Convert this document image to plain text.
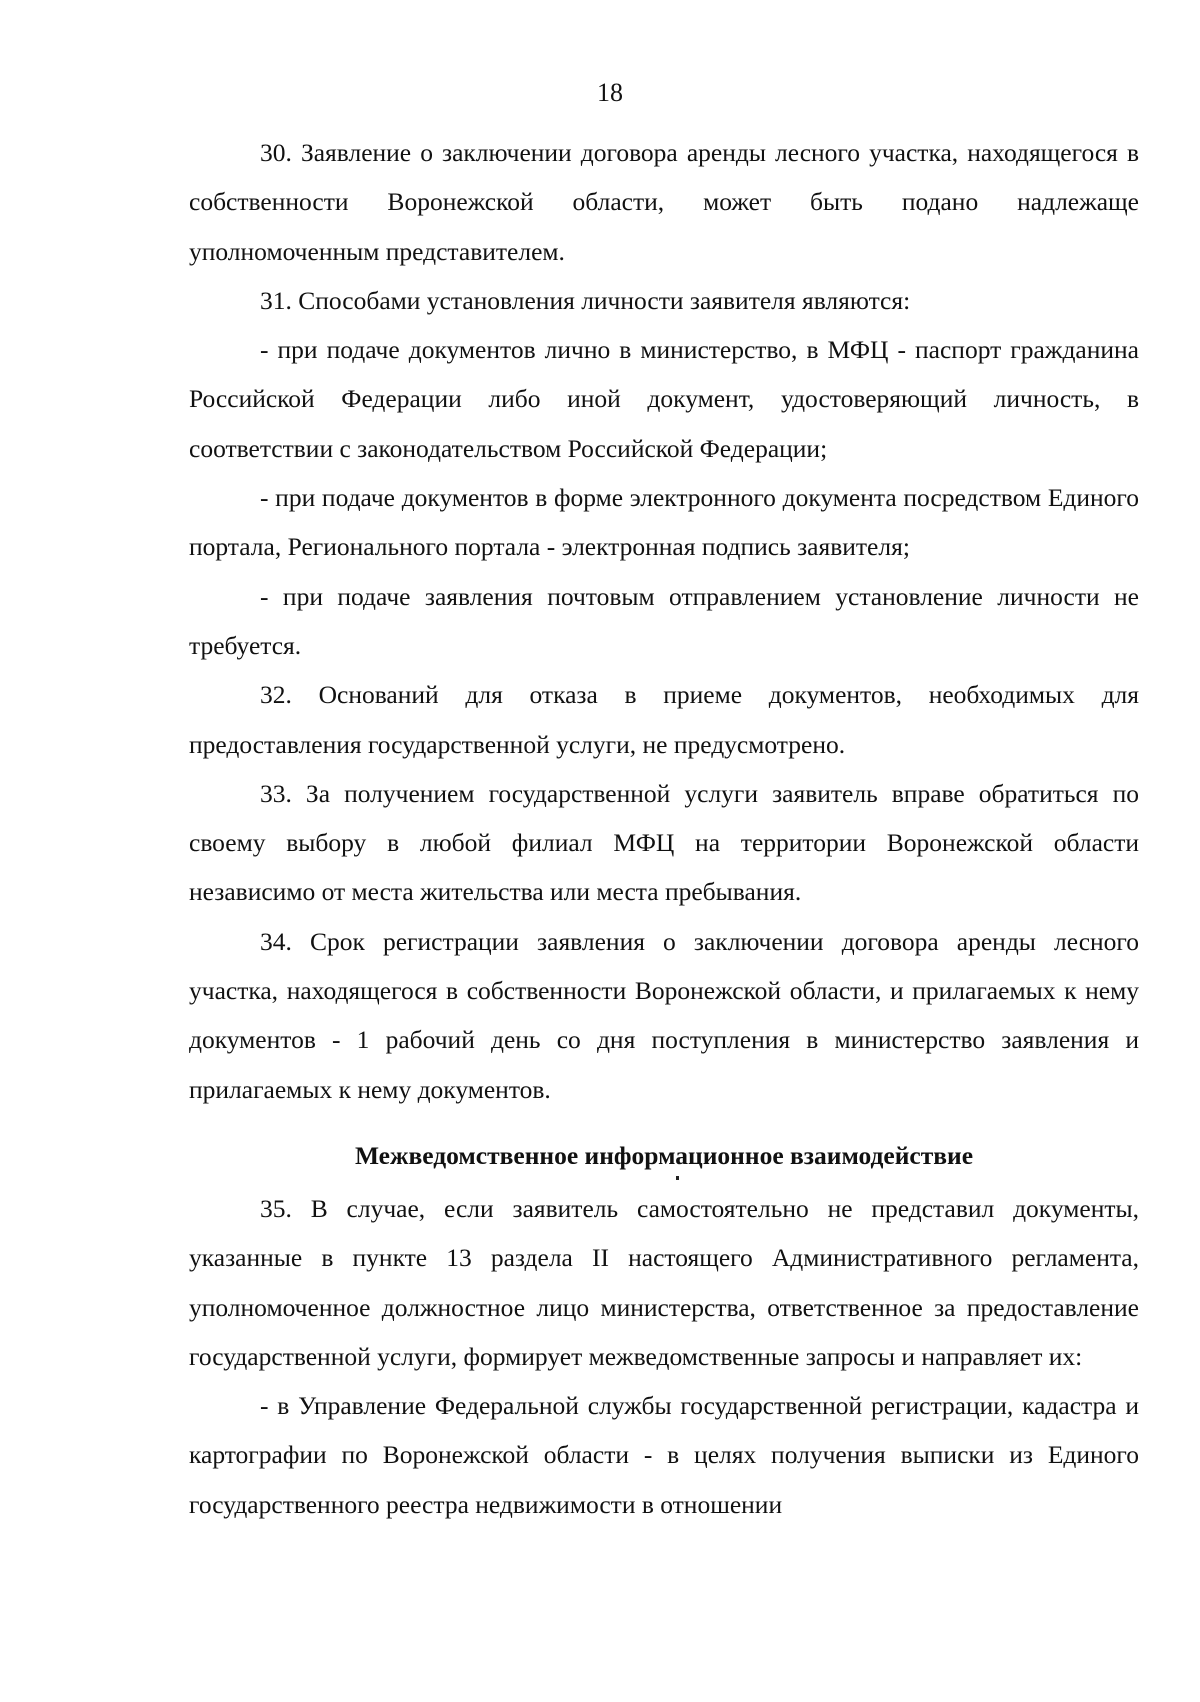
18

30. Заявление о заключении договора аренды лесного участка, находящегося в собственности Воронежской области, может быть подано надлежаще уполномоченным представителем.

31. Способами установления личности заявителя являются:

- при подаче документов лично в министерство, в МФЦ - паспорт гражданина Российской Федерации либо иной документ, удостоверяющий личность, в соответствии с законодательством Российской Федерации;

- при подаче документов в форме электронного документа посредством Единого портала, Регионального портала - электронная подпись заявителя;

- при подаче заявления почтовым отправлением установление личности не требуется.

32. Оснований для отказа в приеме документов, необходимых для предоставления государственной услуги, не предусмотрено.

33. За получением государственной услуги заявитель вправе обратиться по своему выбору в любой филиал МФЦ на территории Воронежской области независимо от места жительства или места пребывания.

34. Срок регистрации заявления о заключении договора аренды лесного участка, находящегося в собственности Воронежской области, и прилагаемых к нему документов - 1 рабочий день со дня поступления в министерство заявления и прилагаемых к нему документов.

Межведомственное информационное взаимодействие

35. В случае, если заявитель самостоятельно не представил документы, указанные в пункте 13 раздела II настоящего Административного регламента, уполномоченное должностное лицо министерства, ответственное за предоставление государственной услуги, формирует межведомственные запросы и направляет их:

- в Управление Федеральной службы государственной регистрации, кадастра и картографии по Воронежской области - в целях получения выписки из Единого государственного реестра недвижимости в отношении
